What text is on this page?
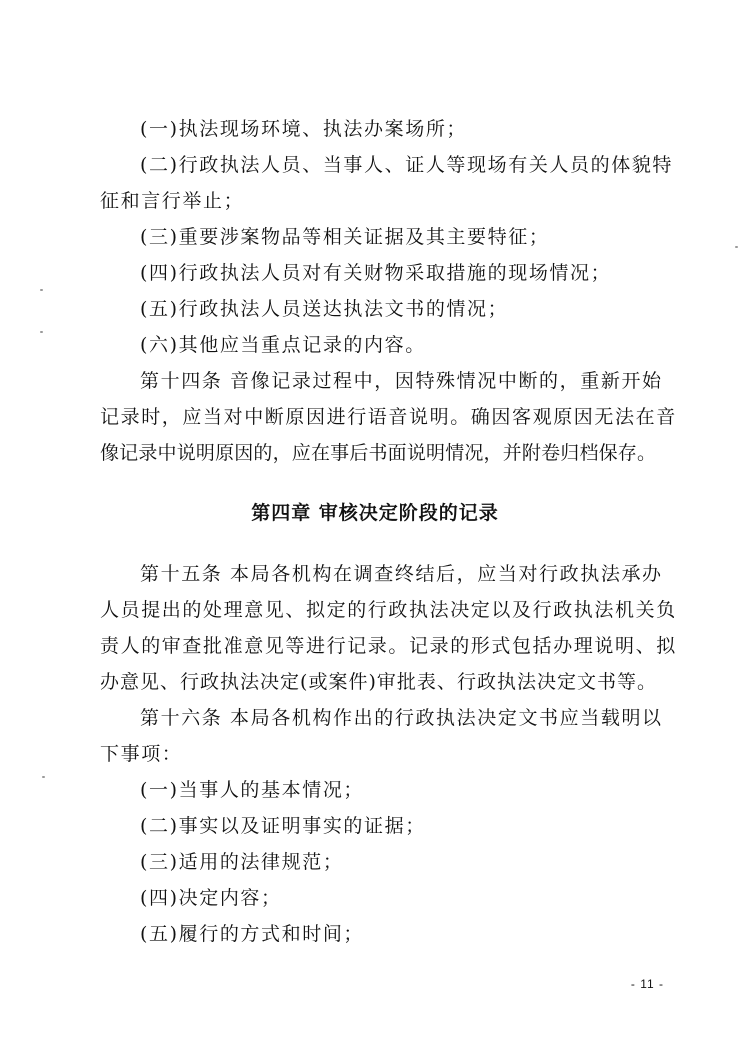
(一)执法现场环境、执法办案场所；
(二)行政执法人员、当事人、证人等现场有关人员的体貌特
征和言行举止；
(三)重要涉案物品等相关证据及其主要特征；
(四)行政执法人员对有关财物采取措施的现场情况；
(五)行政执法人员送达执法文书的情况；
(六)其他应当重点记录的内容。
第十四条 音像记录过程中，因特殊情况中断的，重新开始
记录时，应当对中断原因进行语音说明。确因客观原因无法在音
像记录中说明原因的，应在事后书面说明情况，并附卷归档保存。
第四章 审核决定阶段的记录
第十五条 本局各机构在调查终结后，应当对行政执法承办
人员提出的处理意见、拟定的行政执法决定以及行政执法机关负
责人的审查批准意见等进行记录。记录的形式包括办理说明、拟
办意见、行政执法决定(或案件)审批表、行政执法决定文书等。
第十六条 本局各机构作出的行政执法决定文书应当载明以
下事项：
(一)当事人的基本情况；
(二)事实以及证明事实的证据；
(三)适用的法律规范；
(四)决定内容；
(五)履行的方式和时间；
- 11 -
